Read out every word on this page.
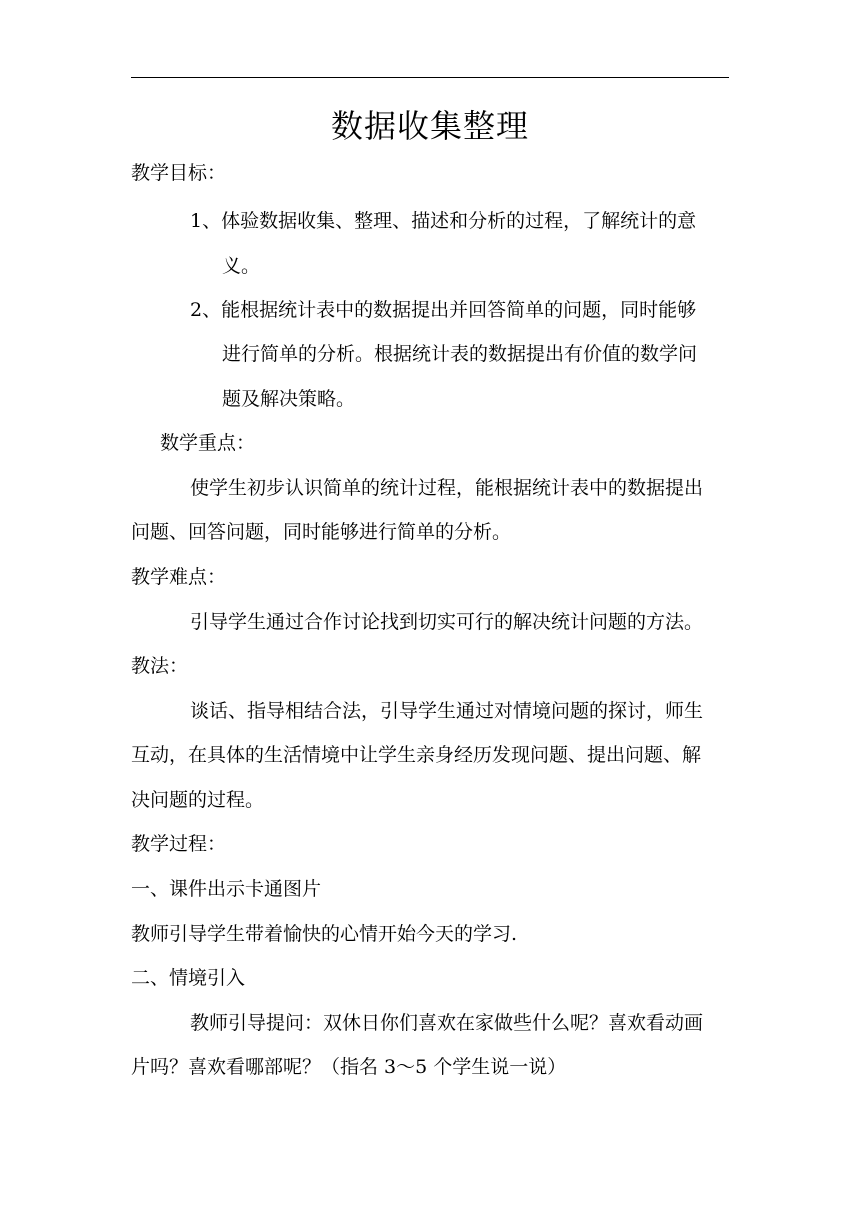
数据收集整理
教学目标：
1、体验数据收集、整理、描述和分析的过程，了解统计的意
义。
2、能根据统计表中的数据提出并回答简单的问题，同时能够
进行简单的分析。根据统计表的数据提出有价值的数学问
题及解决策略。
数学重点：
使学生初步认识简单的统计过程，能根据统计表中的数据提出
问题、回答问题，同时能够进行简单的分析。
教学难点：
引导学生通过合作讨论找到切实可行的解决统计问题的方法。
教法：
谈话、指导相结合法，引导学生通过对情境问题的探讨，师生
互动，在具体的生活情境中让学生亲身经历发现问题、提出问题、解
决问题的过程。
教学过程：
一、课件出示卡通图片
教师引导学生带着愉快的心情开始今天的学习.
二、情境引入
教师引导提问：双休日你们喜欢在家做些什么呢？喜欢看动画
片吗？喜欢看哪部呢？（指名 3～5 个学生说一说）
